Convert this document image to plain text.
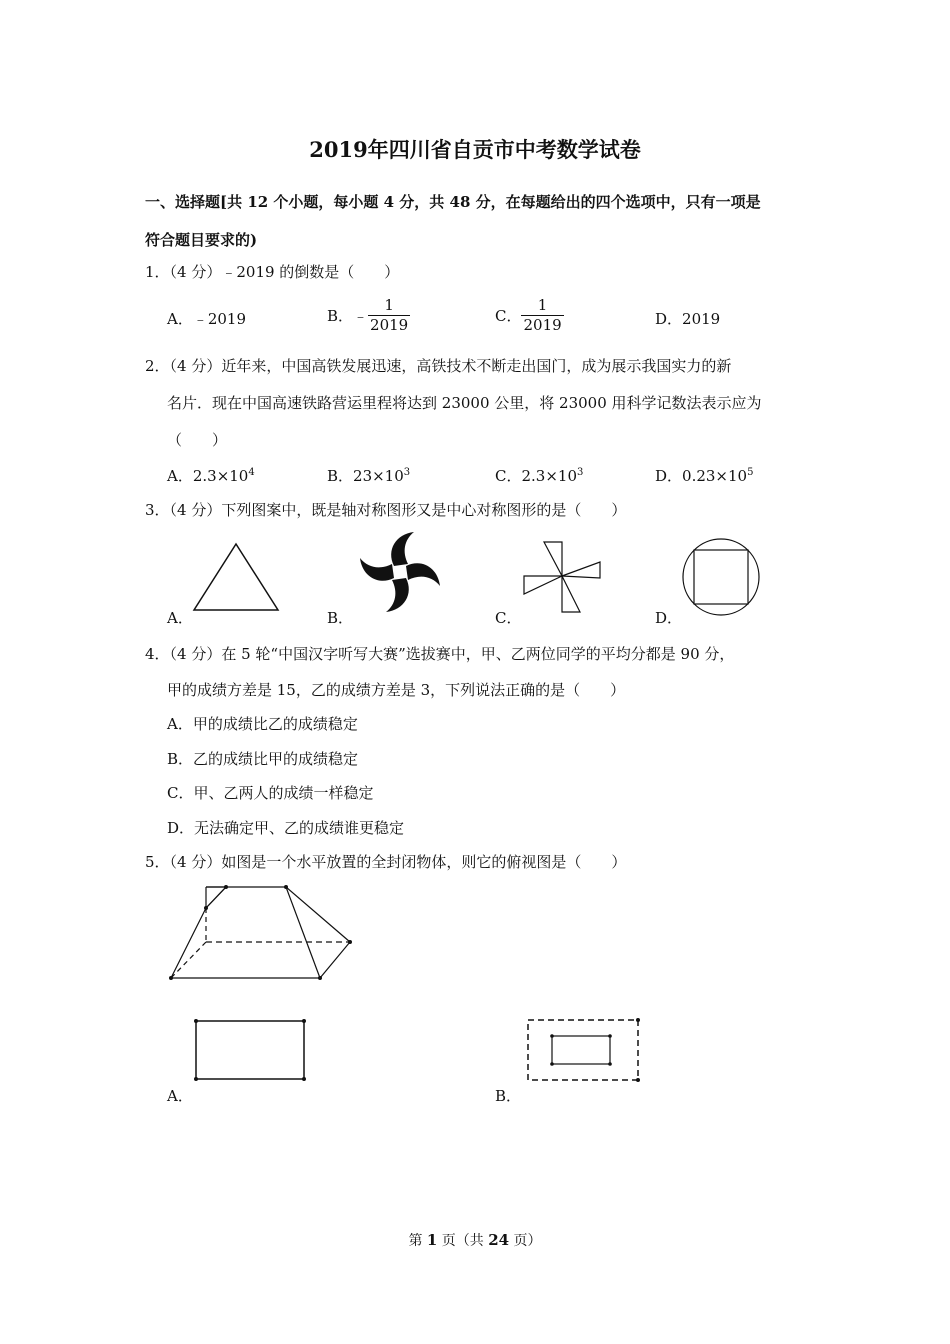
2019年四川省自贡市中考数学试卷
一、选择题[共 12 个小题，每小题 4 分，共 48 分，在每题给出的四个选项中，只有一项是
符合题目要求的)
1．（4 分）﹣2019 的倒数是（　　）
A．﹣2019	B．﹣ $\frac{1}{2019}$	C． $\frac{1}{2019}$	D．2019
2．（4 分）近年来，中国高铁发展迅速，高铁技术不断走出国门，成为展示我国实力的新
名片．现在中国高速铁路营运里程将达到 23000 公里，将 23000 用科学记数法表示应为
（　　）
A．$2.3\times 10^4$	B．$23\times 10^3$	C．$2.3\times 10^3$	D．$0.23\times 10^5$
3．（4 分）下列图案中，既是轴对称图形又是中心对称图形的是（　　）
A．	B．	C．	D．
4．（4 分）在 5 轮“中国汉字听写大赛”选拔赛中，甲、乙两位同学的平均分都是 90 分，
甲的成绩方差是 15，乙的成绩方差是 3，下列说法正确的是（　　）
A．甲的成绩比乙的成绩稳定
B．乙的成绩比甲的成绩稳定
C．甲、乙两人的成绩一样稳定
D．无法确定甲、乙的成绩谁更稳定
5．（4 分）如图是一个水平放置的全封闭物体，则它的俯视图是（　　）
A．	B．
第 1 页（共 24 页）
